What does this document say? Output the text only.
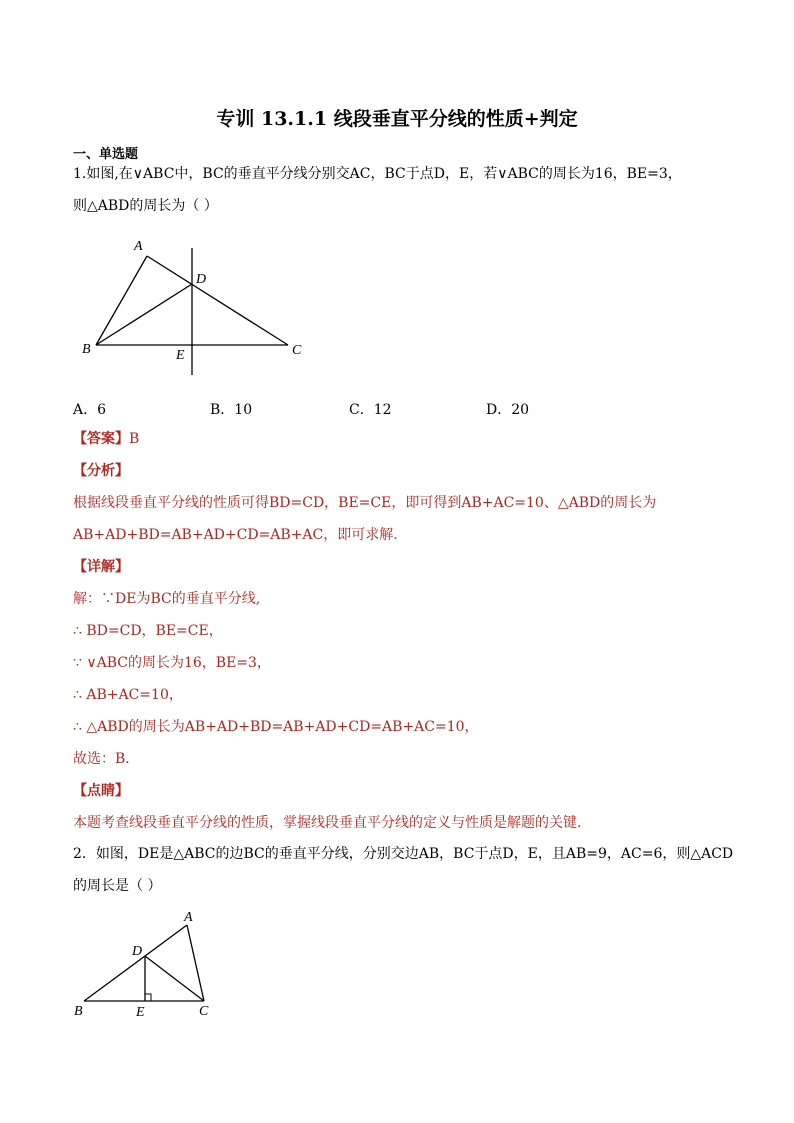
专训 13.1.1 线段垂直平分线的性质+判定
一、单选题
1.如图,在∨ABC中，BC的垂直平分线分别交AC，BC于点D，E，若∨ABC的周长为16，BE=3，
则△ABD的周长为（ ）
A
D
B	E	C
A．6	B．10	C．12	D．20
【答案】B
【分析】
根据线段垂直平分线的性质可得BD=CD，BE=CE，即可得到AB+AC=10、△ABD的周长为
AB+AD+BD=AB+AD+CD=AB+AC，即可求解.
【详解】
解：∵DE为BC的垂直平分线,
∴ BD=CD，BE=CE，
∵ ∨ABC的周长为16，BE=3，
∴ AB+AC=10，
∴ △ABD的周长为AB+AD+BD=AB+AD+CD=AB+AC=10，
故选：B．
【点睛】
本题考查线段垂直平分线的性质，掌握线段垂直平分线的定义与性质是解题的关键.
2．如图，DE是△ABC的边BC的垂直平分线，分别交边AB，BC于点D，E，且AB=9，AC=6，则△ACD
的周长是（ ）
A
D
B	E	C
